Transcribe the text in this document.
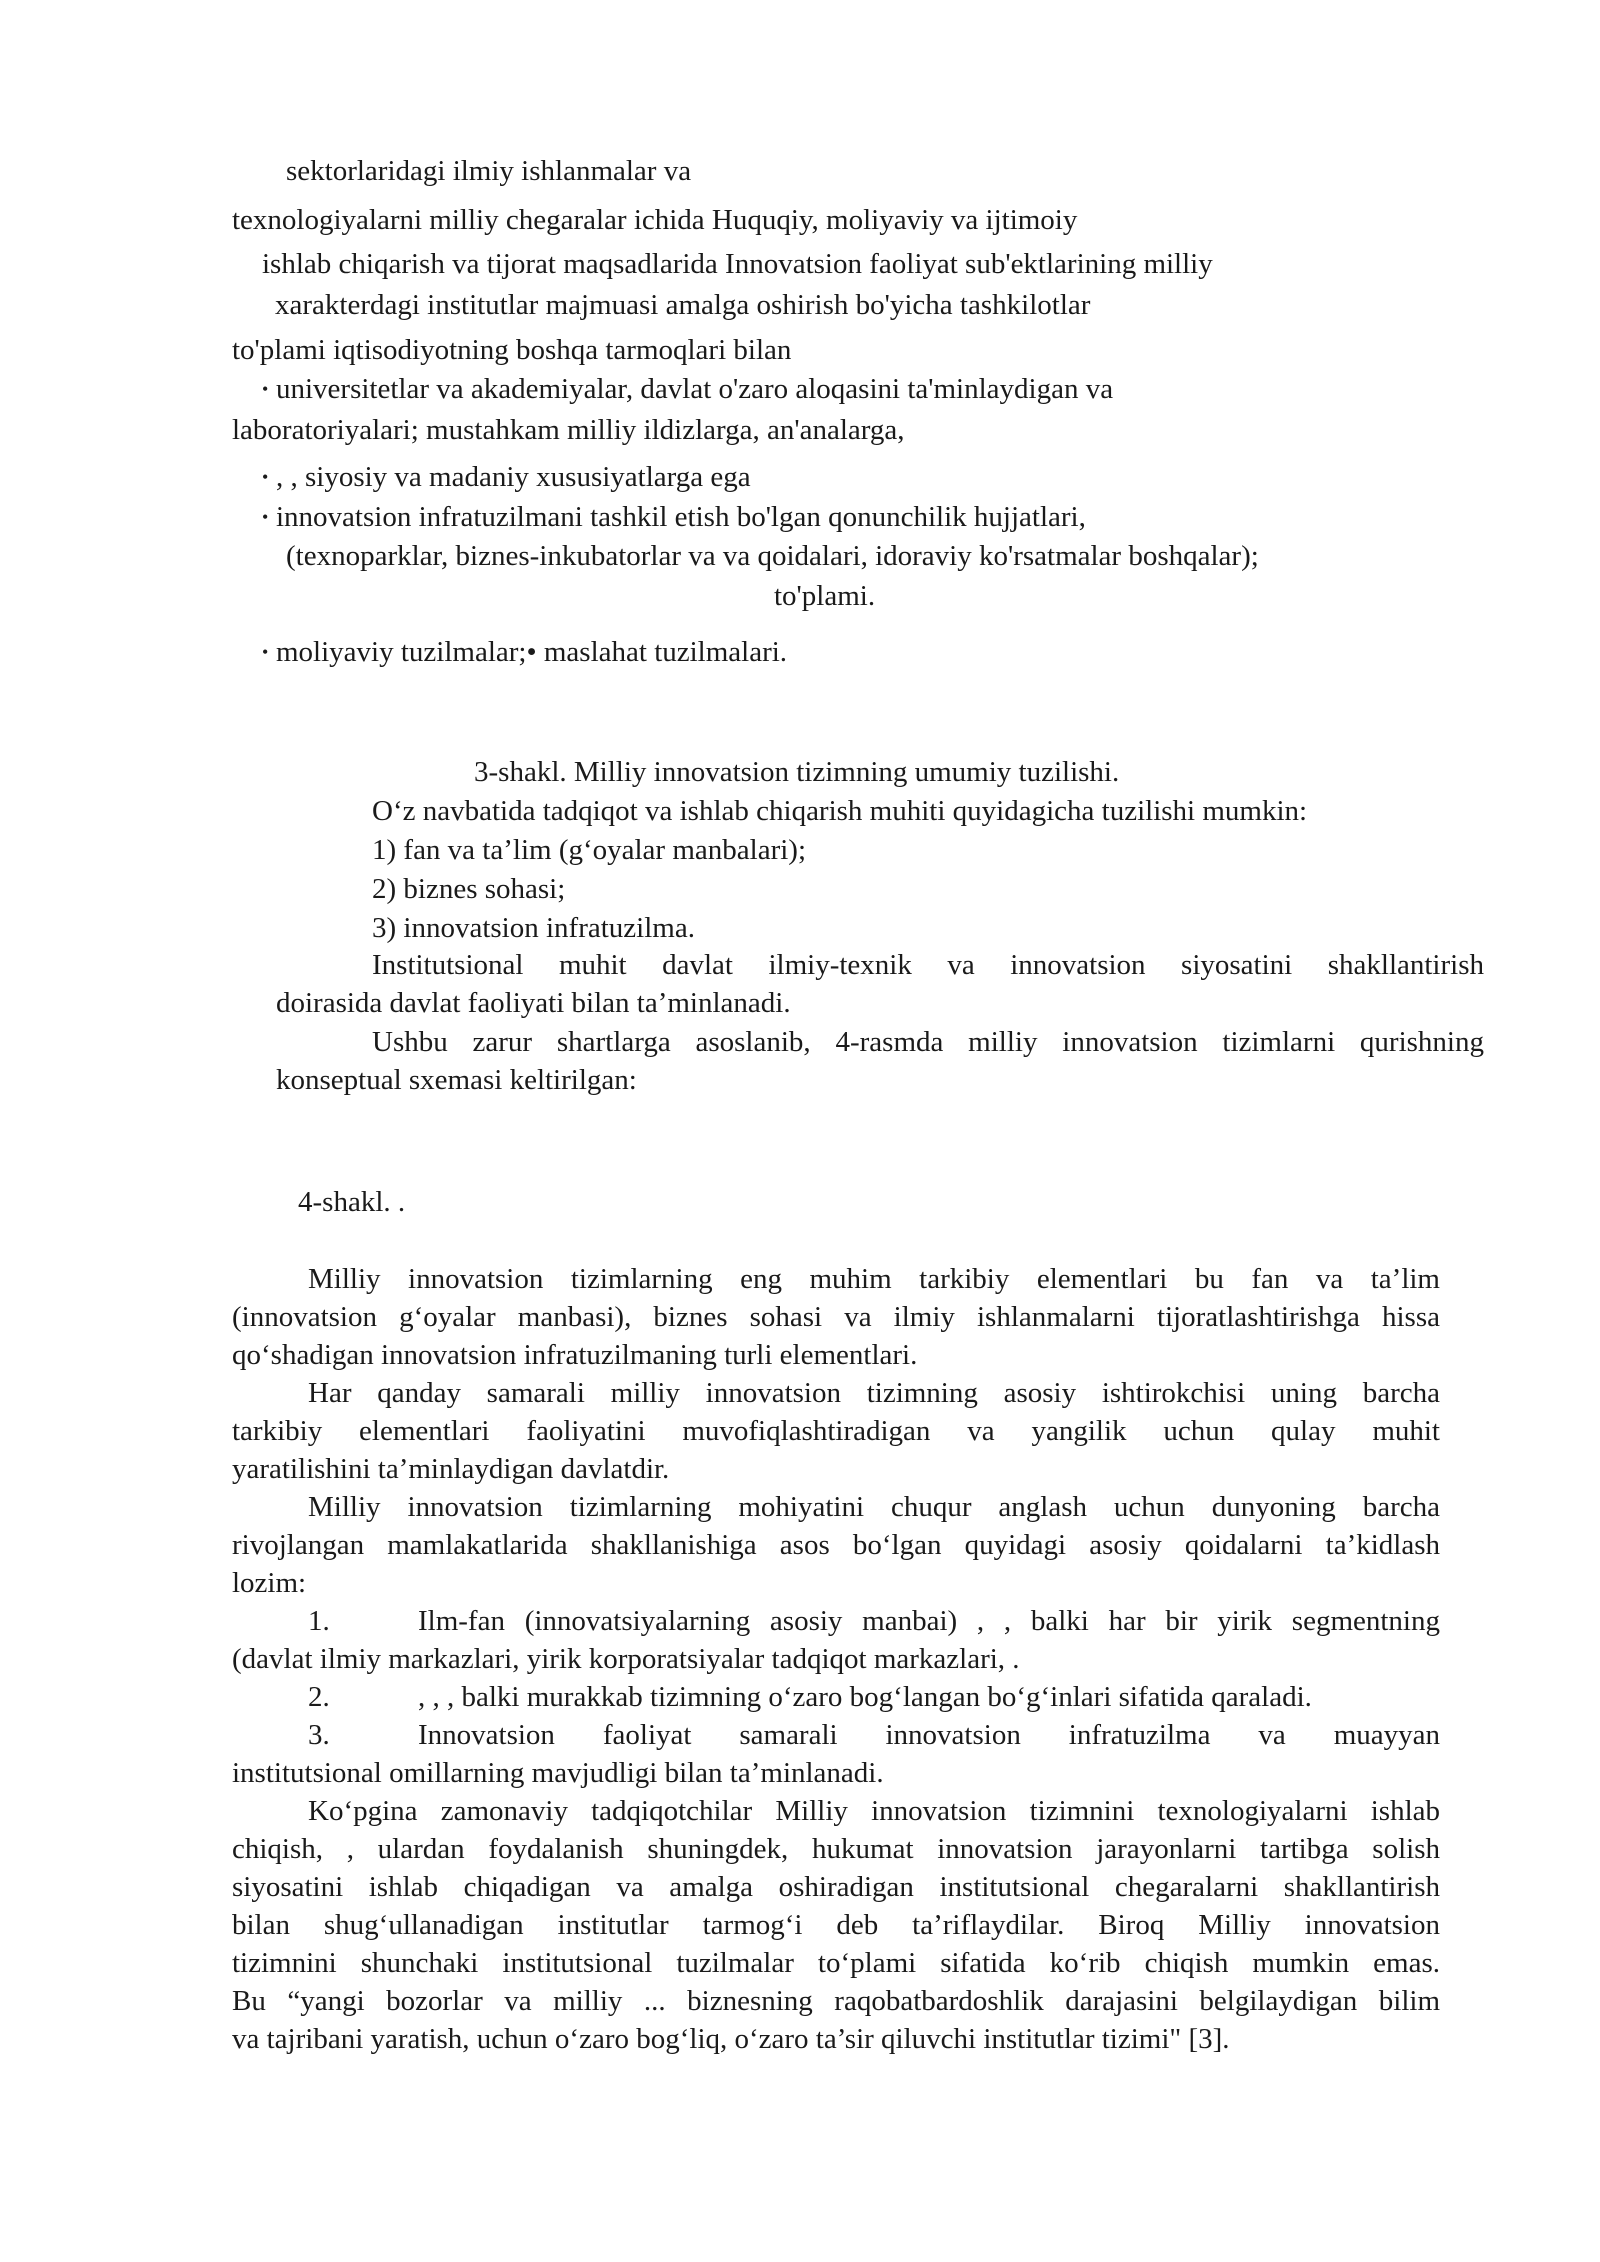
sektorlaridagi ilmiy ishlanmalar va
texnologiyalarni milliy chegaralar ichida Huquqiy, moliyaviy va ijtimoiy
ishlab chiqarish va tijorat maqsadlarida Innovatsion faoliyat sub'ektlarining milliy
xarakterdagi institutlar majmuasi amalga oshirish bo'yicha tashkilotlar
to'plami iqtisodiyotning boshqa tarmoqlari bilan
• universitetlar va akademiyalar, davlat o'zaro aloqasini ta'minlaydigan va
laboratoriyalari; mustahkam milliy ildizlarga, an'analarga,
• , , siyosiy va madaniy xususiyatlarga ega
• innovatsion infratuzilmani tashkil etish bo'lgan qonunchilik hujjatlari,
(texnoparklar, biznes-inkubatorlar va va qoidalari, idoraviy ko'rsatmalar boshqalar);
to'plami.
• moliyaviy tuzilmalar;• maslahat tuzilmalari.
3-shakl. Milliy innovatsion tizimning umumiy tuzilishi.
O‘z navbatida tadqiqot va ishlab chiqarish muhiti quyidagicha tuzilishi mumkin:
1) fan va ta’lim (g‘oyalar manbalari);
2) biznes sohasi;
3) innovatsion infratuzilma.
Institutsional muhit davlat ilmiy-texnik va innovatsion siyosatini shakllantirish
doirasida davlat faoliyati bilan ta’minlanadi.
Ushbu zarur shartlarga asoslanib, 4-rasmda milliy innovatsion tizimlarni qurishning
konseptual sxemasi keltirilgan:
4-shakl. .
Milliy innovatsion tizimlarning eng muhim tarkibiy elementlari bu fan va ta’lim
(innovatsion g‘oyalar manbasi), biznes sohasi va ilmiy ishlanmalarni tijoratlashtirishga hissa
qo‘shadigan innovatsion infratuzilmaning turli elementlari.
Har qanday samarali milliy innovatsion tizimning asosiy ishtirokchisi uning barcha
tarkibiy elementlari faoliyatini muvofiqlashtiradigan va yangilik uchun qulay muhit
yaratilishini ta’minlaydigan davlatdir.
Milliy innovatsion tizimlarning mohiyatini chuqur anglash uchun dunyoning barcha
rivojlangan mamlakatlarida shakllanishiga asos bo‘lgan quyidagi asosiy qoidalarni ta’kidlash
lozim:
1.	Ilm-fan (innovatsiyalarning asosiy manbai) , , balki har bir yirik segmentning
(davlat ilmiy markazlari, yirik korporatsiyalar tadqiqot markazlari, .
2.	, , , balki murakkab tizimning o‘zaro bog‘langan bo‘g‘inlari sifatida qaraladi.
3.	Innovatsion faoliyat samarali innovatsion infratuzilma va muayyan
institutsional omillarning mavjudligi bilan ta’minlanadi.
Ko‘pgina zamonaviy tadqiqotchilar Milliy innovatsion tizimnini texnologiyalarni ishlab
chiqish, , ulardan foydalanish shuningdek, hukumat innovatsion jarayonlarni tartibga solish
siyosatini ishlab chiqadigan va amalga oshiradigan institutsional chegaralarni shakllantirish
bilan shug‘ullanadigan institutlar tarmog‘i deb ta’riflaydilar. Biroq Milliy innovatsion
tizimnini shunchaki institutsional tuzilmalar to‘plami sifatida ko‘rib chiqish mumkin emas.
Bu “yangi bozorlar va milliy ... biznesning raqobatbardoshlik darajasini belgilaydigan bilim
va tajribani yaratish, uchun o‘zaro bog‘liq, o‘zaro ta’sir qiluvchi institutlar tizimi" [3].
